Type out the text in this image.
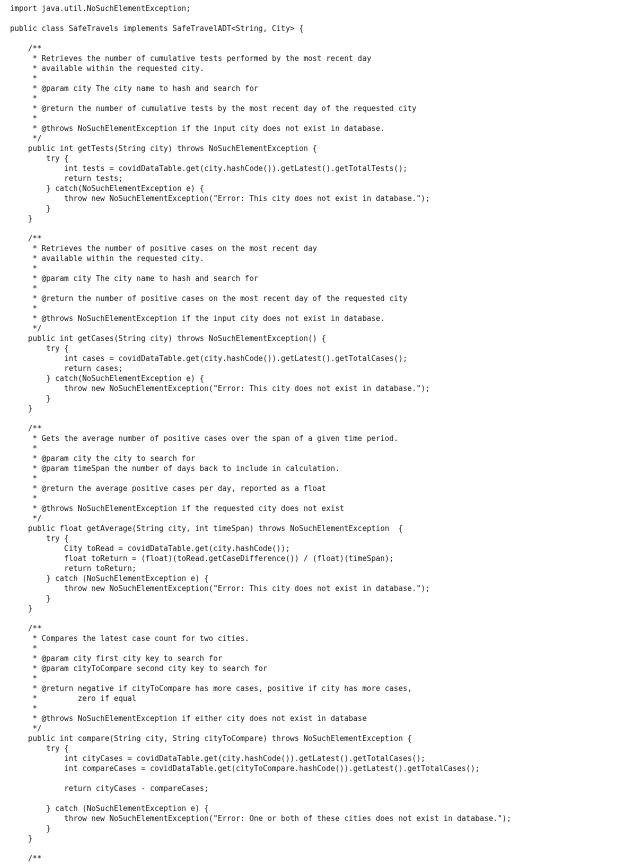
import java.util.NoSuchElementException;
public class SafeTravels implements SafeTravelADT<String, City> {
/**
* Retrieves the number of cumulative tests performed by the most recent day
* available within the requested city.
*
* @param city The city name to hash and search for
*
* @return the number of cumulative tests by the most recent day of the requested city
*
* @throws NoSuchElementException if the input city does not exist in database.
*/
public int getTests(String city) throws NoSuchElementException {
try {
int tests = covidDataTable.get(city.hashCode()).getLatest().getTotalTests();
return tests;
} catch(NoSuchElementException e) {
throw new NoSuchElementException("Error: This city does not exist in database.");
}
}
/**
* Retrieves the number of positive cases on the most recent day
* available within the requested city.
*
* @param city The city name to hash and search for
*
* @return the number of positive cases on the most recent day of the requested city
*
* @throws NoSuchElementException if the input city does not exist in database.
*/
public int getCases(String city) throws NoSuchElementException() {
try {
int cases = covidDataTable.get(city.hashCode()).getLatest().getTotalCases();
return cases;
} catch(NoSuchElementException e) {
throw new NoSuchElementException("Error: This city does not exist in database.");
}
}
/**
* Gets the average number of positive cases over the span of a given time period.
*
* @param city the city to search for
* @param timeSpan the number of days back to include in calculation.
*
* @return the average positive cases per day, reported as a float
*
* @throws NoSuchElementException if the requested city does not exist
*/
public float getAverage(String city, int timeSpan) throws NoSuchElementException  {
try {
City toRead = covidDataTable.get(city.hashCode());
float toReturn = (float)(toRead.getCaseDifference()) / (float)(timeSpan);
return toReturn;
} catch (NoSuchElementException e) {
throw new NoSuchElementException("Error: This city does not exist in database.");
}
}
/**
* Compares the latest case count for two cities.
*
* @param city first city key to search for
* @param cityToCompare second city key to search for
*
* @return negative if cityToCompare has more cases, positive if city has more cases,
*         zero if equal
*
* @throws NoSuchElementException if either city does not exist in database
*/
public int compare(String city, String cityToCompare) throws NoSuchElementException {
try {
int cityCases = covidDataTable.get(city.hashCode()).getLatest().getTotalCases();
int compareCases = covidDataTable.get(cityToCompare.hashCode()).getLatest().getTotalCases();
return cityCases - compareCases;
} catch (NoSuchElementException e) {
throw new NoSuchElementException("Error: One or both of these cities does not exist in database.");
}
}
/**
